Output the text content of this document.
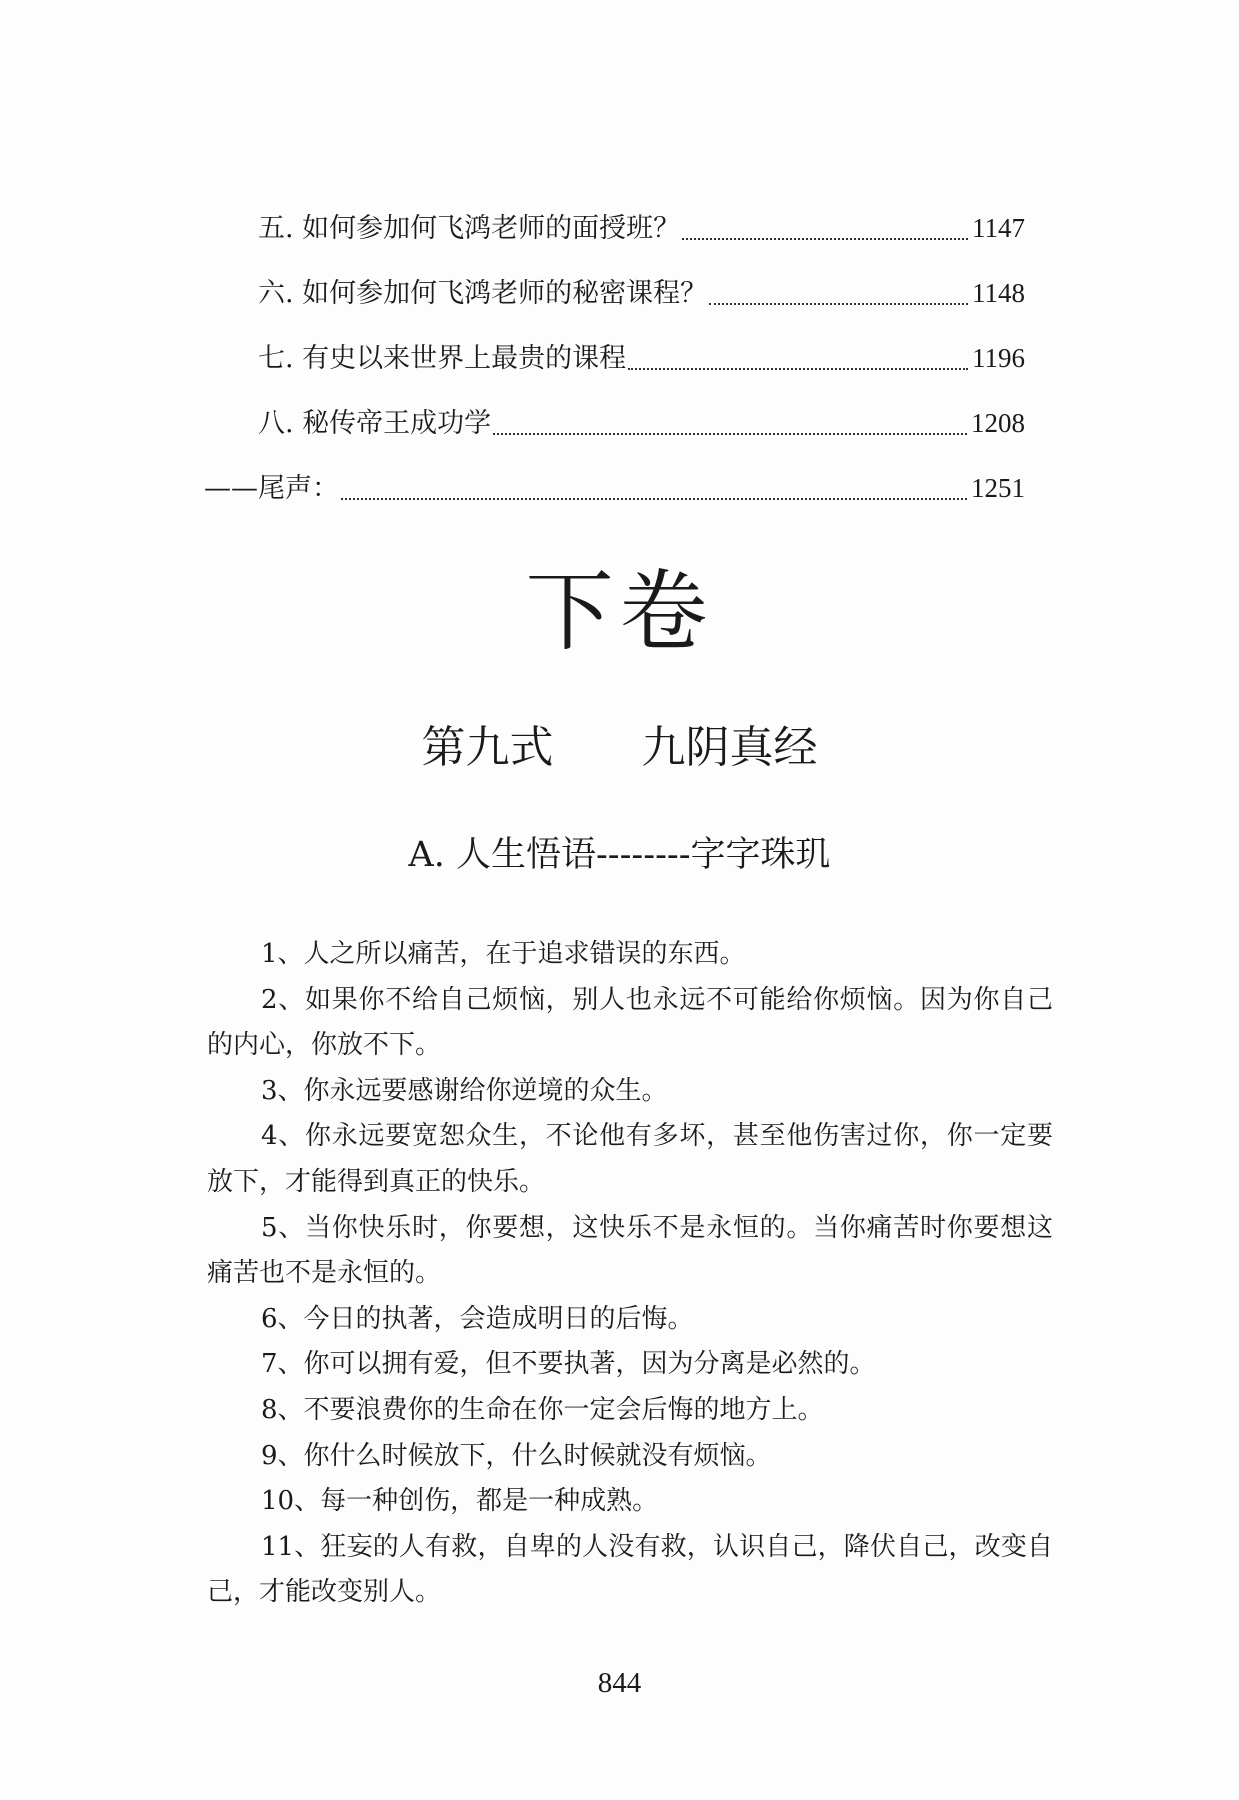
五. 如何参加何飞鸿老师的面授班？	1147
六. 如何参加何飞鸿老师的秘密课程？	1148
七. 有史以来世界上最贵的课程	1196
八. 秘传帝王成功学	1208
——尾声：	1251
下卷
第九式　　九阴真经
A. 人生悟语--------字字珠玑

1、人之所以痛苦，在于追求错误的东西。

2、如果你不给自己烦恼，别人也永远不可能给你烦恼。因为你自己的内心，你放不下。

3、你永远要感谢给你逆境的众生。

4、你永远要宽恕众生，不论他有多坏，甚至他伤害过你，你一定要放下，才能得到真正的快乐。

5、当你快乐时，你要想，这快乐不是永恒的。当你痛苦时你要想这痛苦也不是永恒的。

6、今日的执著，会造成明日的后悔。

7、你可以拥有爱，但不要执著，因为分离是必然的。

8、不要浪费你的生命在你一定会后悔的地方上。

9、你什么时候放下，什么时候就没有烦恼。

10、每一种创伤，都是一种成熟。

11、狂妄的人有救，自卑的人没有救，认识自己，降伏自己，改变自己，才能改变别人。

844
